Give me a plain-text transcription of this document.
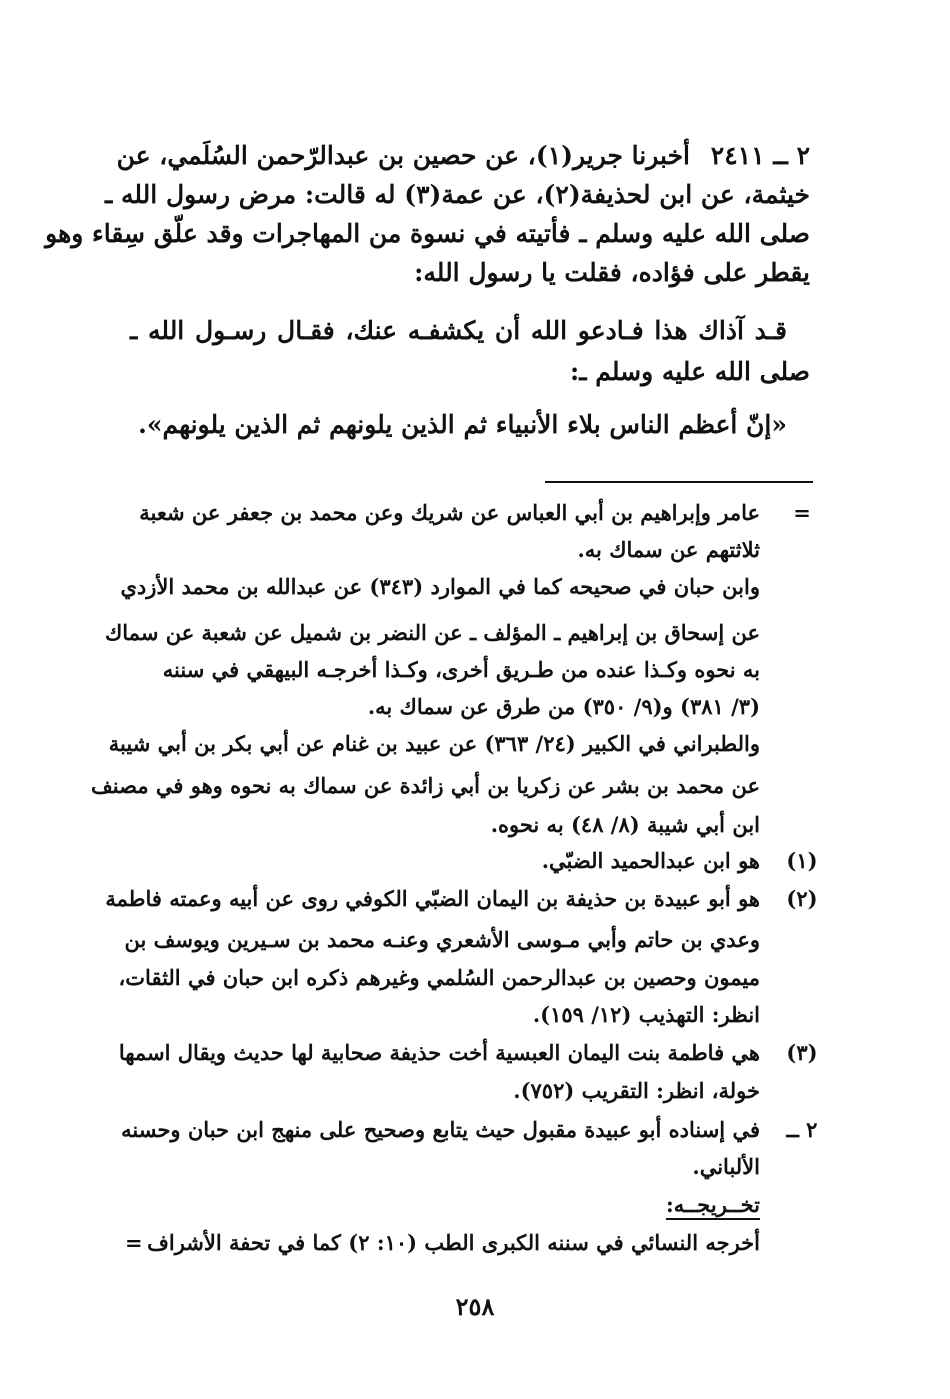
٢ ــ ٢٤١١
أخبرنا جرير(١)، عن حصين بن عبدالرّحمن السُلَمي، عن
خيثمة، عن ابن لحذيفة(٢)، عن عمة(٣) له قالت: مرض رسول الله ـ
صلى الله عليه وسلم ـ فأتيته في نسوة من المهاجرات وقد علّق سِقاء وهو
يقطر على فؤاده، فقلت يا رسول الله:
قـد آذاك هذا فـادعو الله أن يكشفـه عنك، فقـال رسـول الله ـ
صلى الله عليه وسلم ـ:
«إنّ أعظم الناس بلاء الأنبياء ثم الذين يلونهم ثم الذين يلونهم».
=
عامر وإبراهيم بن أبي العباس عن شريك وعن محمد بن جعفر عن شعبة
ثلاثتهم عن سماك به.
وابن حبان في صحيحه كما في الموارد (٣٤٣) عن عبدالله بن محمد الأزدي
عن إسحاق بن إبراهيم ـ المؤلف ـ عن النضر بن شميل عن شعبة عن سماك
به نحوه وكـذا عنده من طـريق أخرى، وكـذا أخرجـه البيهقي في سننه
(٣/ ٣٨١) و(٩/ ٣٥٠) من طرق عن سماك به.
والطبراني في الكبير (٢٤/ ٣٦٣) عن عبيد بن غنام عن أبي بكر بن أبي شيبة
عن محمد بن بشر عن زكريا بن أبي زائدة عن سماك به نحوه وهو في مصنف
ابن أبي شيبة (٨/ ٤٨) به نحوه.
(١)
هو ابن عبدالحميد الضبّي.
(٢)
هو أبو عبيدة بن حذيفة بن اليمان الضبّي الكوفي روى عن أبيه وعمته فاطمة
وعدي بن حاتم وأبي مـوسى الأشعري وعنـه محمد بن سـيرين ويوسف بن
ميمون وحصين بن عبدالرحمن السُلمي وغيرهم ذكره ابن حبان في الثقات،
انظر: التهذيب (١٢/ ١٥٩).
(٣)
هي فاطمة بنت اليمان العبسية أخت حذيفة صحابية لها حديث ويقال اسمها
خولة، انظر: التقريب (٧٥٢).
٢ ــ
في إسناده أبو عبيدة مقبول حيث يتابع وصحيح على منهج ابن حبان وحسنه
الألباني.
تخــريجــه:
أخرجه النسائي في سننه الكبرى الطب (١٠: ٢) كما في تحفة الأشراف
=
٢٥٨
